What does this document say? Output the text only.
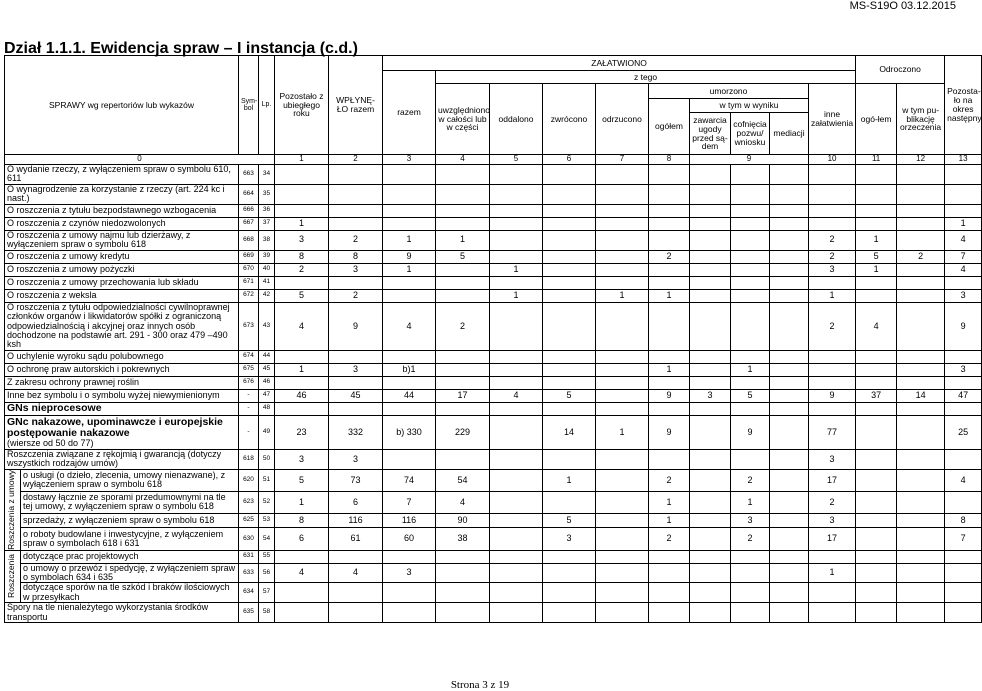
MS-S19O 03.12.2015
Dział 1.1.1. Ewidencja spraw – I instancja (c.d.)
SPRAWY wg repertoriów lub wykazów		Sym-bol	Lp.	Pozostało z ubiegłego roku	WPŁYNĘ-ŁO razem	ZAŁATWIONO										Odroczono		Pozosta-ło na okres następny	
						razem	z tego												
							uwzględniono w całości lub w części	oddalono	zwrócono	odrzucono	umorzono				inne załatwienia	ogó-łem	w tym pu-blikację orzeczenia		
											ogółem	w tym w wyniku							
												zawarcia ugody przed są-dem	cofnięcia pozwu/ wniosku	mediacji					

0				1	2	3	4	5	6	7	8	9			10	11	12	13		
O wydanie rzeczy, z wyłączeniem spraw o symbolu 610, 611		663	34																
O wynagrodzenie za korzystanie z rzeczy (art. 224 kc i nast.)		664	35																
O roszczenia z tytułu bezpodstawnego wzbogacenia		666	36																
O roszczenia z czynów niedozwolonych		667	37	1														1	
O roszczenia z umowy najmu lub dzierżawy, z wyłączeniem spraw o symbolu 618		668	38	3	2	1	1								2	1		4	
O roszczenia z umowy kredytu		669	39	8	8	9	5				2				2	5	2	7	
O roszczenia z umowy pożyczki		670	40	2	3	1		1							3	1		4	
O roszczenia z umowy przechowania lub składu		671	41																
O roszczenia z weksla		672	42	5	2			1		1	1				1			3	
O roszczenia z tytułu odpowiedzialności cywilnoprawnej członków organów i likwidatorów spółki z ograniczoną odpowiedzialnością i akcyjnej oraz innych osób dochodzone na podstawie art. 291 - 300 oraz 479 –490 ksh		673	43	4	9	4	2								2	4		9	
O uchylenie wyroku sądu polubownego		674	44																
O ochronę praw autorskich i pokrewnych		675	45	1	3	b)1					1		1					3	
Z zakresu ochrony prawnej roślin		676	46																
Inne bez symbolu i o symbolu wyżej niewymienionym		-	47	46	45	44	17	4	5		9	3	5		9	37	14	47	
GNs nieprocesowe		-	48																
GNc nakazowe, upominawcze i europejskie postępowanie nakazowe
(wiersze od 50 do 77)		-	49	23	332	b) 330	229		14	1	9		9		77			25	
Roszczenia związane z rękojmią i gwarancją (dotyczy wszystkich rodzajów umów)		618	50	3	3										3				

Roszczenia z umowy	o usługi (o dzieło, zlecenia, umowy nienazwane), z wyłączeniem spraw o symbolu 618	620	51	5	73	74	54		1		2		2		17			4	
	dostawy łącznie ze sporami przedumownymi na tle tej umowy, z wyłączeniem spraw o symbolu 618	623	52	1	6	7	4				1		1		2				
	sprzedaży, z wyłączeniem spraw o symbolu 618	625	53	8	116	116	90		5		1		3		3			8	
	o roboty budowlane i inwestycyjne, z wyłączeniem spraw o symbolach 618 i 631	630	54	6	61	60	38		3		2		2		17			7	

Roszczenia	dotyczące prac projektowych	631	55																
	o umowy o przewóz i spedycję, z wyłączeniem spraw o symbolach 634 i 635	633	56	4	4	3									1				
	dotyczące sporów na tle szkód i braków ilościowych w przesyłkach	634	57																
Spory na tle nienależytego wykorzystania środków transportu		635	58																
Strona 3 z 19
